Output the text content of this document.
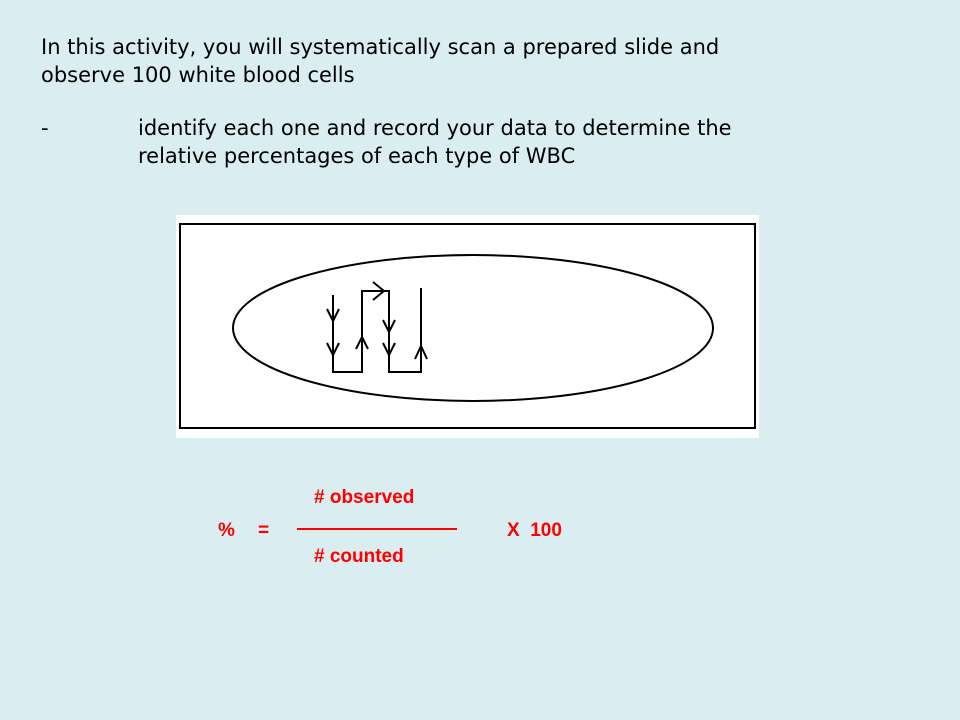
In this activity, you will systematically scan a prepared slide and
observe 100 white blood cells

-	identify each one and record your data to determine the
relative percentages of each type of WBC
# observed
% =
# counted
X  100
